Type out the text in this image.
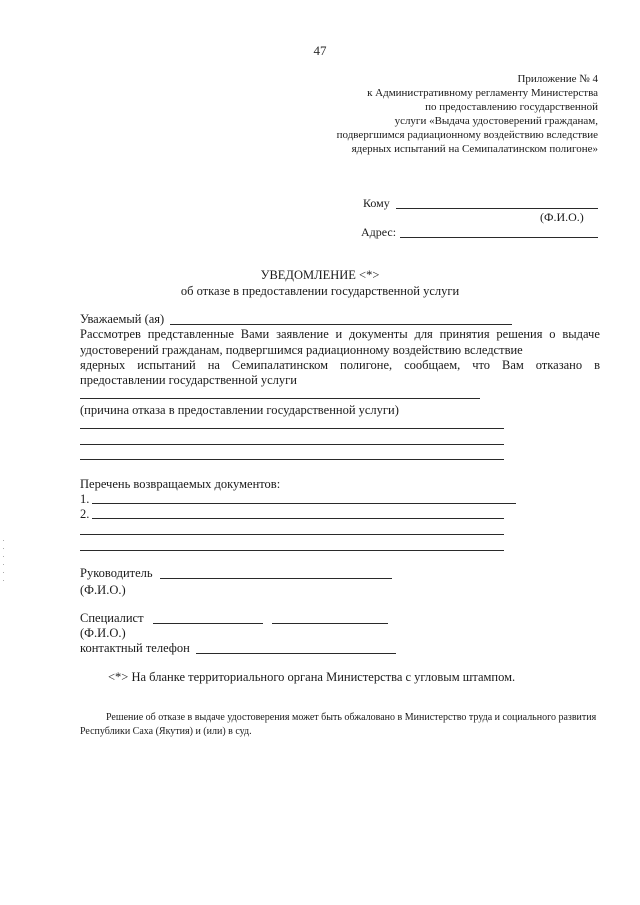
47
Приложение № 4
к Административному регламенту Министерства
по предоставлению государственной
услуги «Выдача удостоверений гражданам,
подвергшимся радиационному воздействию вследствие
ядерных испытаний на Семипалатинском полигоне»
Кому
(Ф.И.О.)
Адрес:
УВЕДОМЛЕНИЕ <*>
об отказе в предоставлении государственной услуги
Уважаемый (ая)
Рассмотрев представленные Вами заявление и документы для принятия решения о выдаче
удостоверений гражданам, подвергшимся радиационному воздействию вследствие
ядерных испытаний на Семипалатинском полигоне, сообщаем, что Вам отказано в
предоставлении государственной услуги
(причина отказа в предоставлении государственной услуги)
Перечень возвращаемых документов:
1.
2.
Руководитель
(Ф.И.О.)
Специалист
(Ф.И.О.)
контактный телефон
<*> На бланке территориального органа Министерства с угловым штампом.
Решение об отказе в выдаче удостоверения может быть обжаловано в Министерство труда и социального развития Республики Саха (Якутия) и (или) в суд.
